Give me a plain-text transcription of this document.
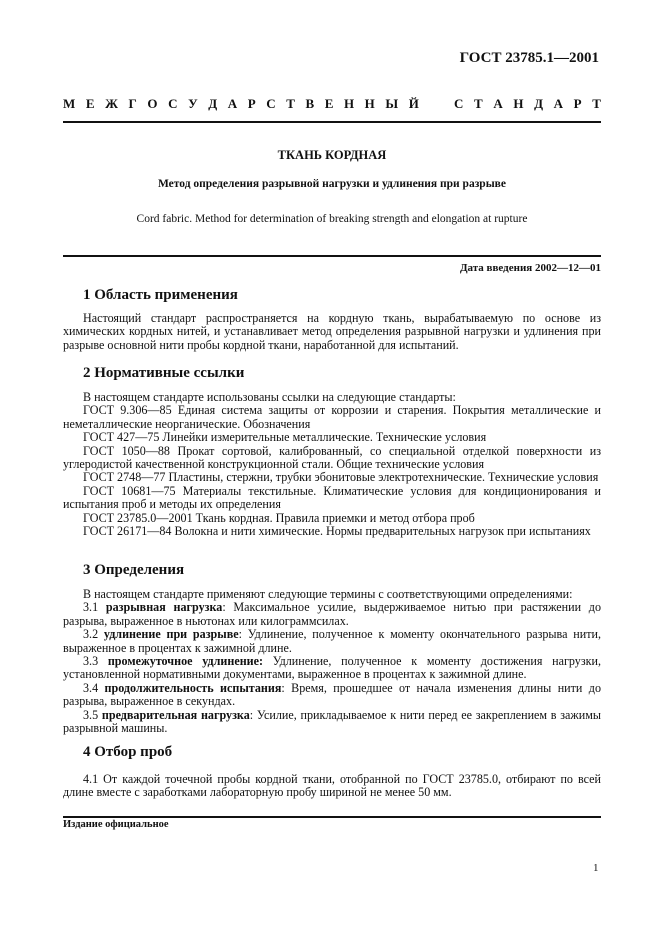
ГОСТ 23785.1—2001
М Е Ж Г О С У Д А Р С Т В Е Н Н Ы Й	С Т А Н Д А Р Т
ТКАНЬ КОРДНАЯ
Метод определения разрывной нагрузки и удлинения при разрыве
Cord fabric. Method for determination of breaking strength and elongation at rupture
Дата введения 2002—12—01
1 Область применения
Настоящий стандарт распространяется на кордную ткань, вырабатываемую по основе из химических кордных нитей, и устанавливает метод определения разрывной нагрузки и удлинения при разрыве основной нити пробы кордной ткани, наработанной для испытаний.
2 Нормативные ссылки
В настоящем стандарте использованы ссылки на следующие стандарты:
ГОСТ 9.306—85 Единая система защиты от коррозии и старения. Покрытия металлические и неметаллические неорганические. Обозначения
ГОСТ 427—75 Линейки измерительные металлические. Технические условия
ГОСТ 1050—88 Прокат сортовой, калиброванный, со специальной отделкой поверхности из углеродистой качественной конструкционной стали. Общие технические условия
ГОСТ 2748—77 Пластины, стержни, трубки эбонитовые электротехнические. Технические условия
ГОСТ 10681—75 Материалы текстильные. Климатические условия для кондиционирования и испытания проб и методы их определения
ГОСТ 23785.0—2001 Ткань кордная. Правила приемки и метод отбора проб
ГОСТ 26171—84 Волокна и нити химические. Нормы предварительных нагрузок при испытаниях
3 Определения
В настоящем стандарте применяют следующие термины с соответствующими определениями:
3.1 разрывная нагрузка: Максимальное усилие, выдерживаемое нитью при растяжении до разрыва, выраженное в ньютонах или килограммсилах.
3.2 удлинение при разрыве: Удлинение, полученное к моменту окончательного разрыва нити, выраженное в процентах к зажимной длине.
3.3 промежуточное удлинение: Удлинение, полученное к моменту достижения нагрузки, установленной нормативными документами, выраженное в процентах к зажимной длине.
3.4 продолжительность испытания: Время, прошедшее от начала изменения длины нити до разрыва, выраженное в секундах.
3.5 предварительная нагрузка: Усилие, прикладываемое к нити перед ее закреплением в зажимы разрывной машины.
4 Отбор проб
4.1 От каждой точечной пробы кордной ткани, отобранной по ГОСТ 23785.0, отбирают по всей длине вместе с заработками лабораторную пробу шириной не менее 50 мм.
Издание официальное
1
